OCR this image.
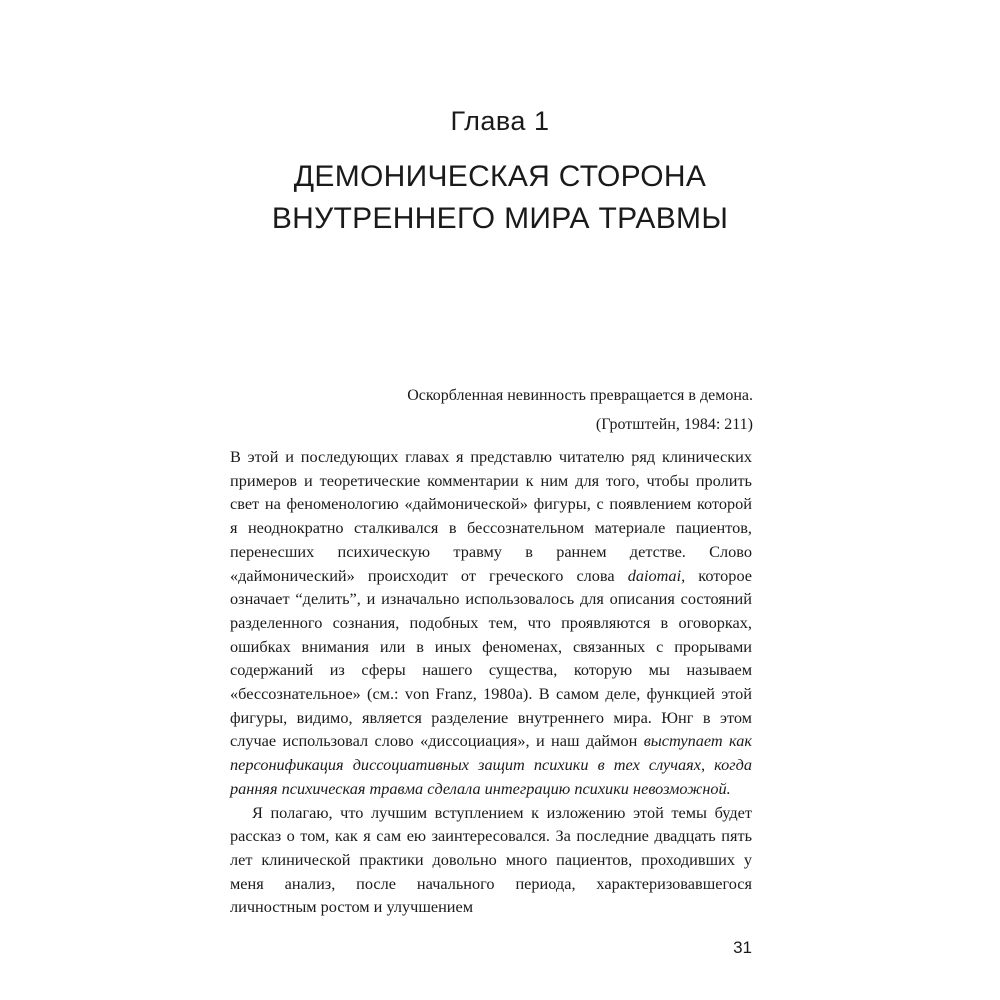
Глава 1
ДЕМОНИЧЕСКАЯ СТОРОНА
ВНУТРЕННЕГО МИРА ТРАВМЫ
Оскорбленная невинность превращается в демона.
(Гротштейн, 1984: 211)

В этой и последующих главах я представлю читателю ряд клинических примеров и теоретические комментарии к ним для того, чтобы пролить свет на феноменологию «даймонической» фигуры, с появлением которой я неоднократно сталкивался в бессознательном материале пациентов, перенесших психическую травму в раннем детстве. Слово «даймонический» происходит от греческого слова daiomai, которое означает “делить”, и изначально использовалось для описания состояний разделенного сознания, подобных тем, что проявляются в оговорках, ошибках внимания или в иных феноменах, связанных с прорывами содержаний из сферы нашего существа, которую мы называем «бессознательное» (см.: von Franz, 1980a). В самом деле, функцией этой фигуры, видимо, является разделение внутреннего мира. Юнг в этом случае использовал слово «диссоциация», и наш даймон выступает как персонификация диссоциативных защит психики в тех случаях, когда ранняя психическая травма сделала интеграцию психики невозможной.

Я полагаю, что лучшим вступлением к изложению этой темы будет рассказ о том, как я сам ею заинтересовался. За последние двадцать пять лет клинической практики довольно много пациентов, проходивших у меня анализ, после начального периода, характеризовавшегося личностным ростом и улучшением

31
